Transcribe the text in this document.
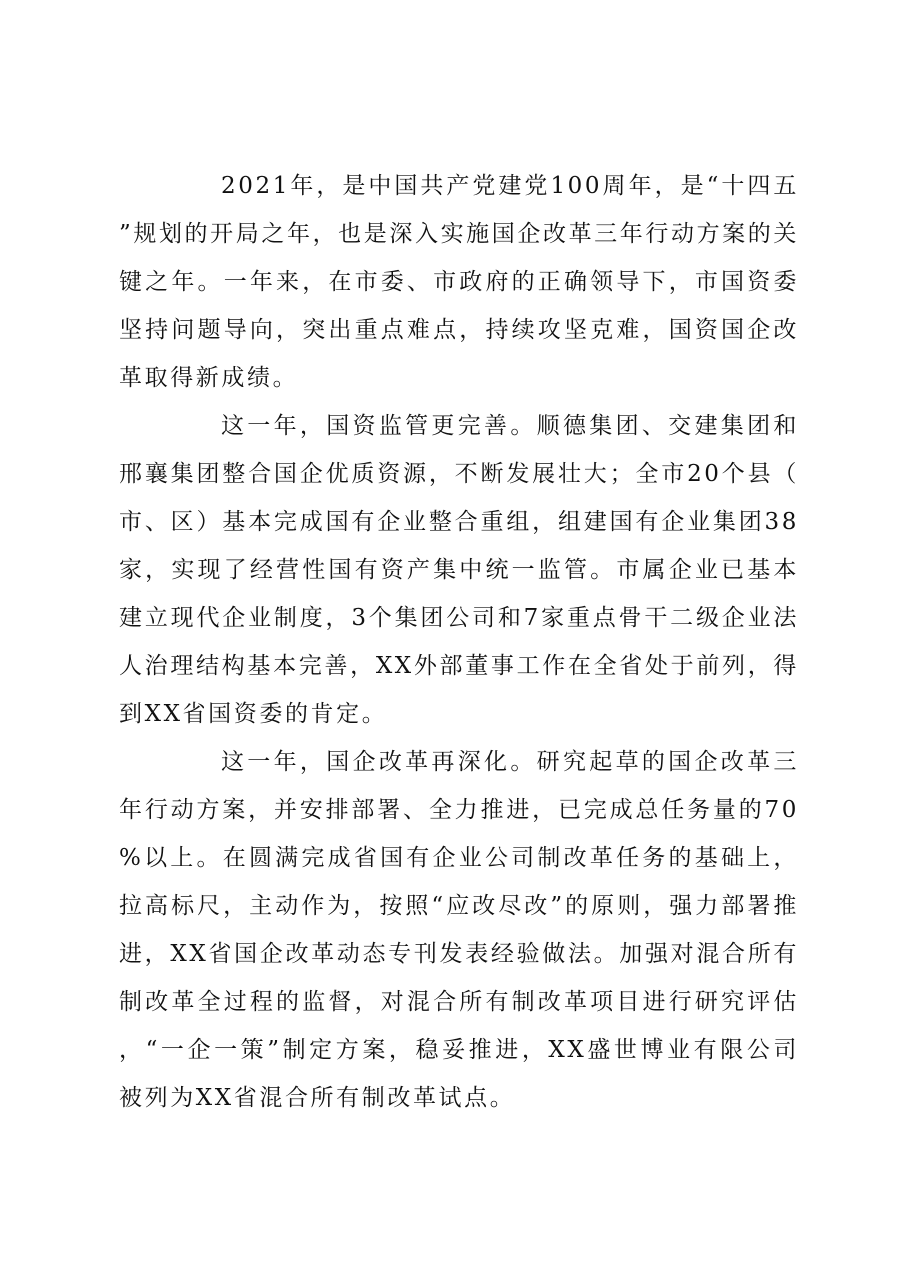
2021年，是中国共产党建党100周年，是“十四五”规划的开局之年，也是深入实施国企改革三年行动方案的关键之年。一年来，在市委、市政府的正确领导下，市国资委坚持问题导向，突出重点难点，持续攻坚克难，国资国企改革取得新成绩。

这一年，国资监管更完善。顺德集团、交建集团和邢襄集团整合国企优质资源，不断发展壮大；全市20个县（市、区）基本完成国有企业整合重组，组建国有企业集团38家，实现了经营性国有资产集中统一监管。市属企业已基本建立现代企业制度，3个集团公司和7家重点骨干二级企业法人治理结构基本完善，XX外部董事工作在全省处于前列，得到XX省国资委的肯定。

这一年，国企改革再深化。研究起草的国企改革三年行动方案，并安排部署、全力推进，已完成总任务量的70%以上。在圆满完成省国有企业公司制改革任务的基础上，拉高标尺，主动作为，按照“应改尽改”的原则，强力部署推进，XX省国企改革动态专刊发表经验做法。加强对混合所有制改革全过程的监督，对混合所有制改革项目进行研究评估，“一企一策”制定方案，稳妥推进，XX盛世博业有限公司被列为XX省混合所有制改革试点。
